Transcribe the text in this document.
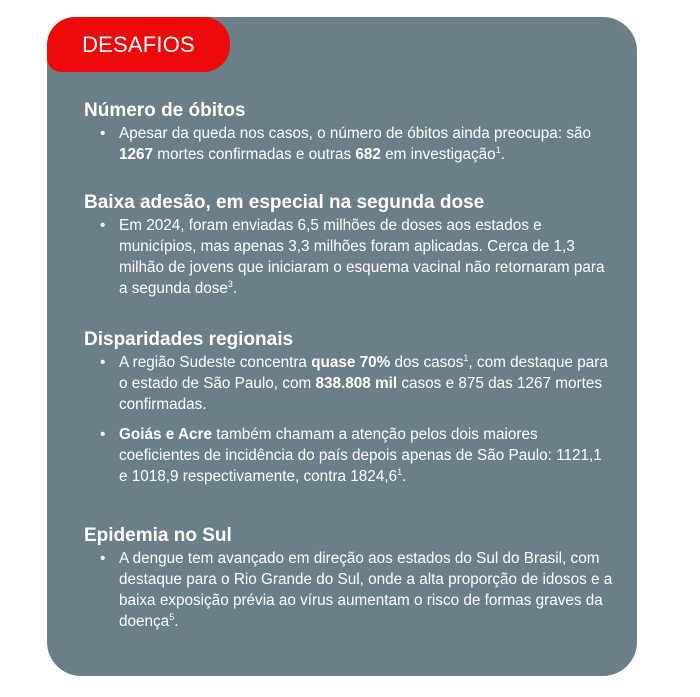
DESAFIOS
Número de óbitos

• Apesar da queda nos casos, o número de óbitos ainda preocupa: são 1267 mortes confirmadas e outras 682 em investigação$^1$.

Baixa adesão, em especial na segunda dose

• Em 2024, foram enviadas 6,5 milhões de doses aos estados e municípios, mas apenas 3,3 milhões foram aplicadas. Cerca de 1,3 milhão de jovens que iniciaram o esquema vacinal não retornaram para a segunda dose$^3$.

Disparidades regionais

• A região Sudeste concentra quase 70% dos casos$^1$, com destaque para o estado de São Paulo, com 838.808 mil casos e 875 das 1267 mortes confirmadas.

• Goiás e Acre também chamam a atenção pelos dois maiores coeficientes de incidência do país depois apenas de São Paulo: 1121,1 e 1018,9 respectivamente, contra 1824,6$^1$.

Epidemia no Sul

• A dengue tem avançado em direção aos estados do Sul do Brasil, com destaque para o Rio Grande do Sul, onde a alta proporção de idosos e a baixa exposição prévia ao vírus aumentam o risco de formas graves da doença$^5$.
